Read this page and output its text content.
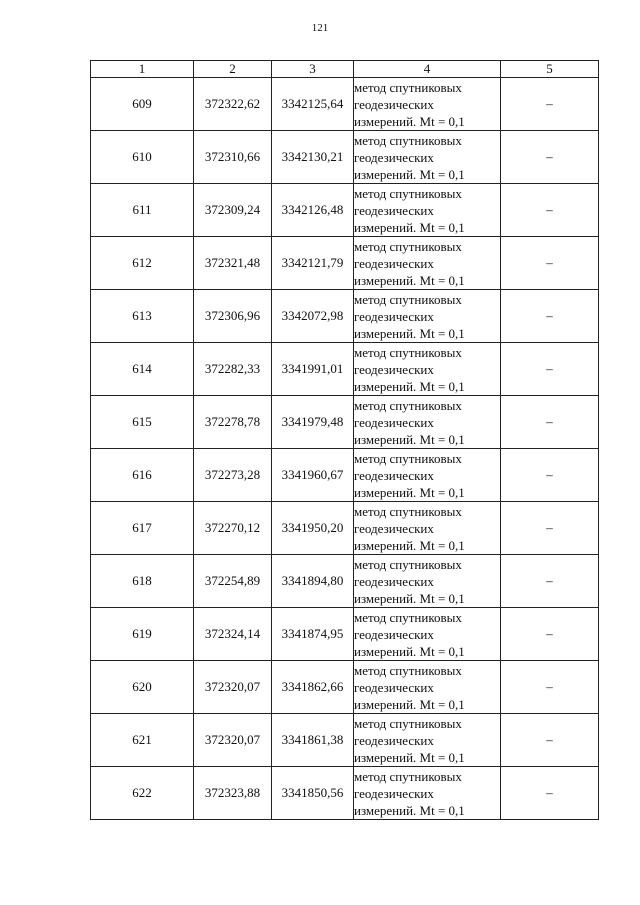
121
1	2	3	4	5
609	372322,62	3342125,64	метод спутниковых
геодезических
измерений. Mt = 0,1	–
610	372310,66	3342130,21	метод спутниковых
геодезических
измерений. Mt = 0,1	–
611	372309,24	3342126,48	метод спутниковых
геодезических
измерений. Mt = 0,1	–
612	372321,48	3342121,79	метод спутниковых
геодезических
измерений. Mt = 0,1	–
613	372306,96	3342072,98	метод спутниковых
геодезических
измерений. Mt = 0,1	–
614	372282,33	3341991,01	метод спутниковых
геодезических
измерений. Mt = 0,1	–
615	372278,78	3341979,48	метод спутниковых
геодезических
измерений. Mt = 0,1	–
616	372273,28	3341960,67	метод спутниковых
геодезических
измерений. Mt = 0,1	–
617	372270,12	3341950,20	метод спутниковых
геодезических
измерений. Mt = 0,1	–
618	372254,89	3341894,80	метод спутниковых
геодезических
измерений. Mt = 0,1	–
619	372324,14	3341874,95	метод спутниковых
геодезических
измерений. Mt = 0,1	–
620	372320,07	3341862,66	метод спутниковых
геодезических
измерений. Mt = 0,1	–
621	372320,07	3341861,38	метод спутниковых
геодезических
измерений. Mt = 0,1	–
622	372323,88	3341850,56	метод спутниковых
геодезических
измерений. Mt = 0,1	–
